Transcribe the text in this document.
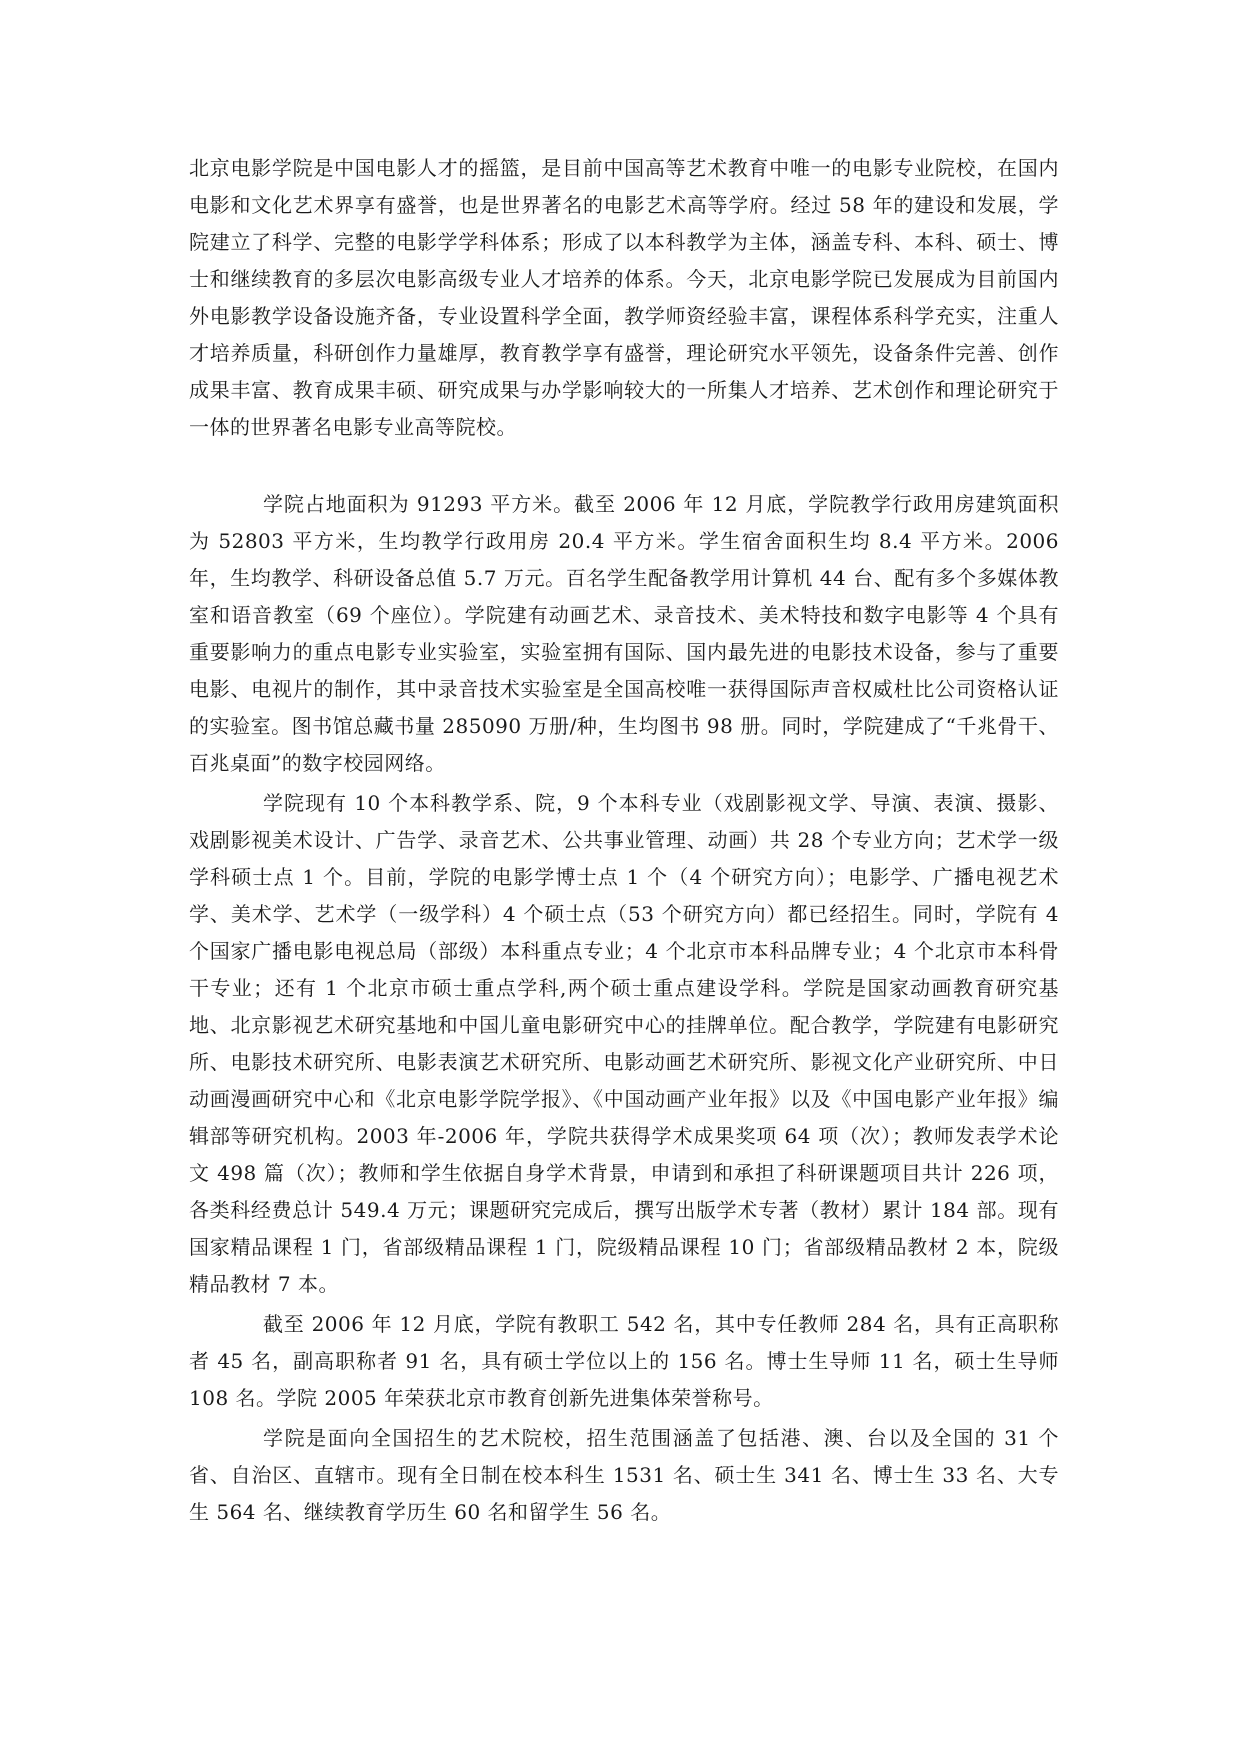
北京电影学院是中国电影人才的摇篮，是目前中国高等艺术教育中唯一的电影专业院校，在国内电影和文化艺术界享有盛誉，也是世界著名的电影艺术高等学府。经过 58 年的建设和发展，学院建立了科学、完整的电影学学科体系；形成了以本科教学为主体，涵盖专科、本科、硕士、博士和继续教育的多层次电影高级专业人才培养的体系。今天，北京电影学院已发展成为目前国内外电影教学设备设施齐备，专业设置科学全面，教学师资经验丰富，课程体系科学充实，注重人才培养质量，科研创作力量雄厚，教育教学享有盛誉，理论研究水平领先，设备条件完善、创作成果丰富、教育成果丰硕、研究成果与办学影响较大的一所集人才培养、艺术创作和理论研究于一体的世界著名电影专业高等院校。

学院占地面积为 91293 平方米。截至 2006 年 12 月底，学院教学行政用房建筑面积为 52803 平方米，生均教学行政用房 20.4 平方米。学生宿舍面积生均 8.4 平方米。2006 年，生均教学、科研设备总值 5.7 万元。百名学生配备教学用计算机 44 台、配有多个多媒体教室和语音教室（69 个座位）。学院建有动画艺术、录音技术、美术特技和数字电影等 4 个具有重要影响力的重点电影专业实验室，实验室拥有国际、国内最先进的电影技术设备，参与了重要电影、电视片的制作，其中录音技术实验室是全国高校唯一获得国际声音权威杜比公司资格认证的实验室。图书馆总藏书量 285090 万册/种，生均图书 98 册。同时，学院建成了“千兆骨干、百兆桌面”的数字校园网络。

学院现有 10 个本科教学系、院，9 个本科专业（戏剧影视文学、导演、表演、摄影、戏剧影视美术设计、广告学、录音艺术、公共事业管理、动画）共 28 个专业方向；艺术学一级学科硕士点 1 个。目前，学院的电影学博士点 1 个（4 个研究方向）；电影学、广播电视艺术学、美术学、艺术学（一级学科）4 个硕士点（53 个研究方向）都已经招生。同时，学院有 4 个国家广播电影电视总局（部级）本科重点专业；4 个北京市本科品牌专业；4 个北京市本科骨干专业；还有 1 个北京市硕士重点学科,两个硕士重点建设学科。学院是国家动画教育研究基地、北京影视艺术研究基地和中国儿童电影研究中心的挂牌单位。配合教学，学院建有电影研究所、电影技术研究所、电影表演艺术研究所、电影动画艺术研究所、影视文化产业研究所、中日动画漫画研究中心和《北京电影学院学报》、《中国动画产业年报》以及《中国电影产业年报》编辑部等研究机构。2003 年-2006 年，学院共获得学术成果奖项 64 项（次）；教师发表学术论文 498 篇（次）；教师和学生依据自身学术背景，申请到和承担了科研课题项目共计 226 项，各类科经费总计 549.4 万元；课题研究完成后，撰写出版学术专著（教材）累计 184 部。现有国家精品课程 1 门，省部级精品课程 1 门，院级精品课程 10 门；省部级精品教材 2 本，院级精品教材 7 本。

截至 2006 年 12 月底，学院有教职工 542 名，其中专任教师 284 名，具有正高职称者 45 名，副高职称者 91 名，具有硕士学位以上的 156 名。博士生导师 11 名，硕士生导师 108 名。学院 2005 年荣获北京市教育创新先进集体荣誉称号。

学院是面向全国招生的艺术院校，招生范围涵盖了包括港、澳、台以及全国的 31 个省、自治区、直辖市。现有全日制在校本科生 1531 名、硕士生 341 名、博士生 33 名、大专生 564 名、继续教育学历生 60 名和留学生 56 名。
